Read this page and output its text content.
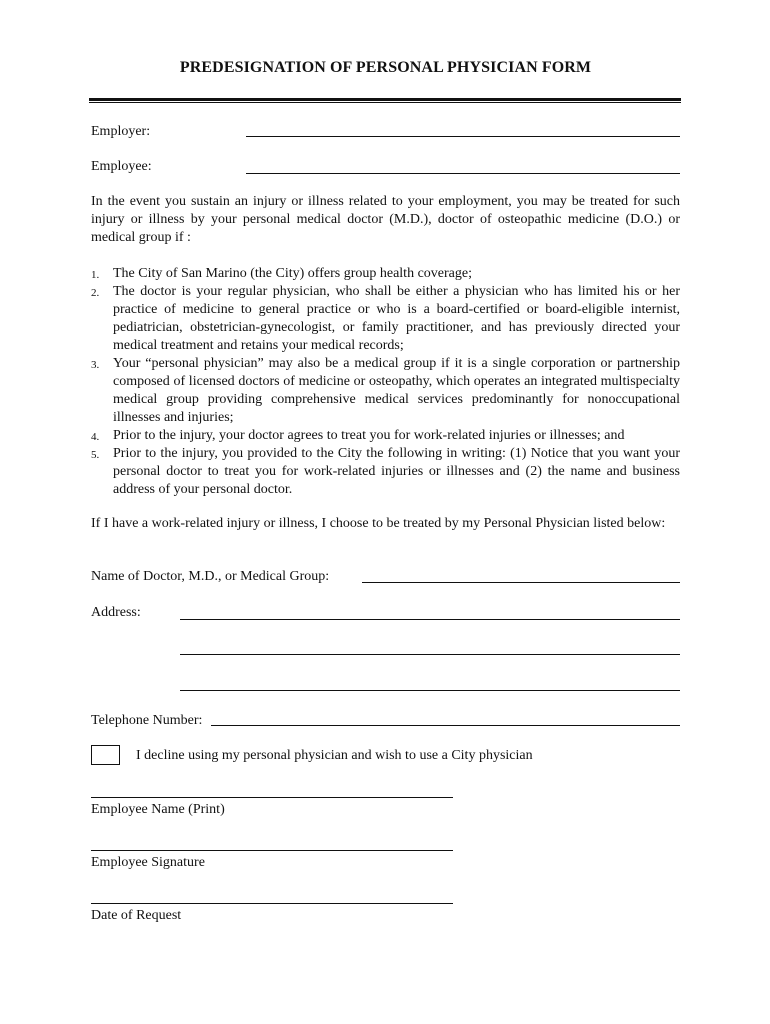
PREDESIGNATION OF PERSONAL PHYSICIAN FORM
Employer:
Employee:
In the event you sustain an injury or illness related to your employment, you may be treated for such injury or illness by your personal medical doctor (M.D.), doctor of osteopathic medicine (D.O.) or medical group if :
1. The City of San Marino (the City) offers group health coverage;
2. The doctor is your regular physician, who shall be either a physician who has limited his or her practice of medicine to general practice or who is a board-certified or board-eligible internist, pediatrician, obstetrician-gynecologist, or family practitioner, and has previously directed your medical treatment and retains your medical records;
3. Your “personal physician” may also be a medical group if it is a single corporation or partnership composed of licensed doctors of medicine or osteopathy, which operates an integrated multispecialty medical group providing comprehensive medical services predominantly for nonoccupational illnesses and injuries;
4. Prior to the injury, your doctor agrees to treat you for work-related injuries or illnesses; and
5. Prior to the injury, you provided to the City the following in writing: (1) Notice that you want your personal doctor to treat you for work-related injuries or illnesses and (2) the name and business address of your personal doctor.
If I have a work-related injury or illness, I choose to be treated by my Personal Physician listed below:
Name of Doctor, M.D., or Medical Group:
Address:
Telephone Number:
I decline using my personal physician and wish to use a City physician
Employee Name (Print)
Employee Signature
Date of Request
